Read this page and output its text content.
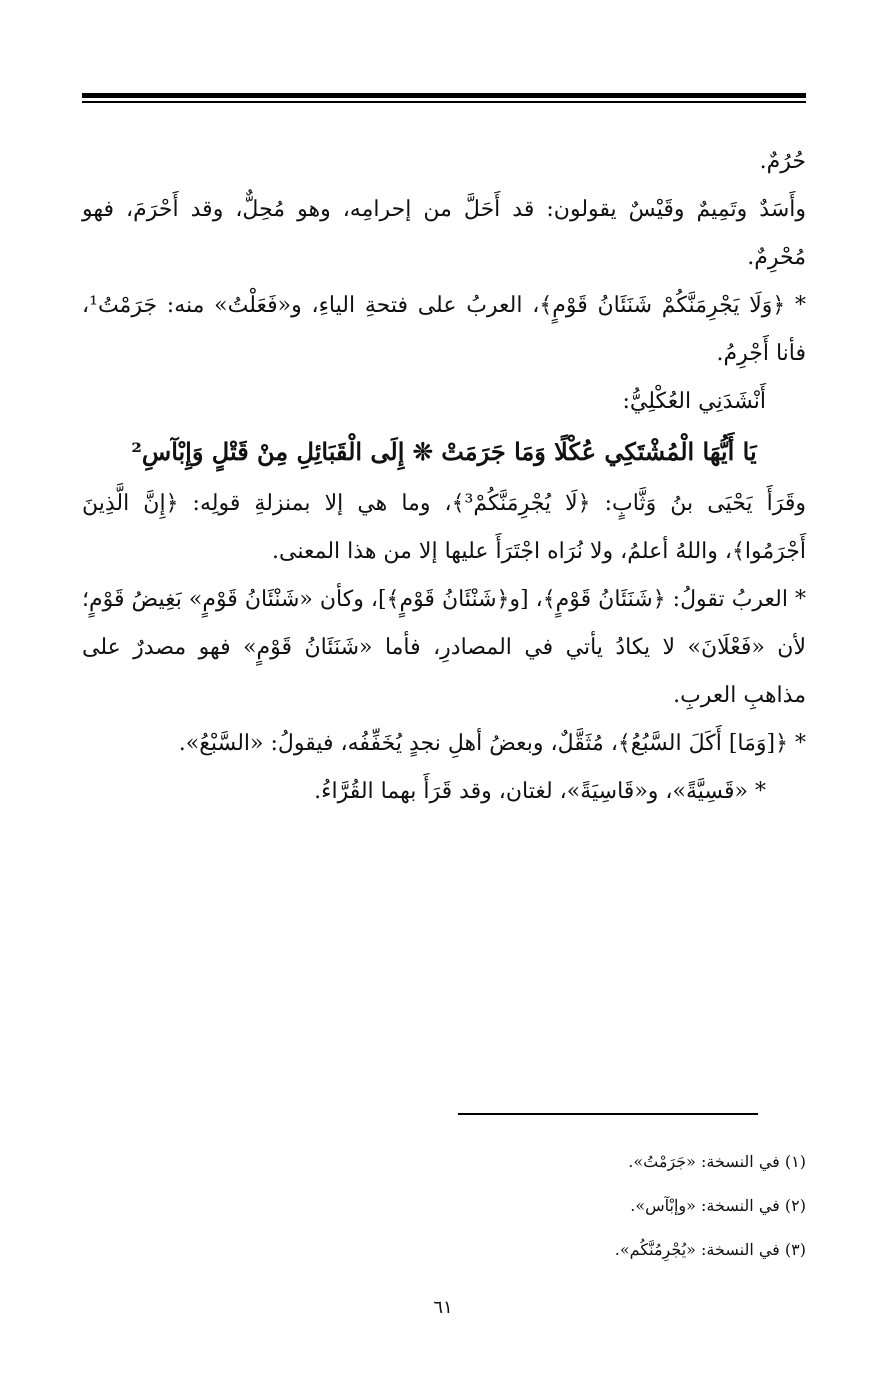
حُرُمٌ.

وأَسَدٌ وتَمِيمٌ وقَيْسٌ يقولون: قد أَحَلَّ من إحرامِه، وهو مُحِلٌّ، وقد أَحْرَمَ، فهو مُحْرِمٌ.

* ﴿وَلَا يَجْرِمَنَّكُمْ شَنَئَانُ قَوْمٍ﴾، العربُ على فتحةِ الياءِ، و«فَعَلْتُ» منه: جَرَمْتُ¹، فأنا أَجْرِمُ.

أَنْشَدَنِي العُكْلِيُّ:

يَا أَيُّهَا الْمُشْتَكِي عُكْلًا وَمَا جَرَمَتْ ❊ إِلَى الْقَبَائِلِ مِنْ قَتْلٍ وَإِبْآسِ²

وقَرَأَ يَحْيَى بنُ وَثَّابٍ: ﴿لَا يُجْرِمَنَّكُمْ³﴾، وما هي إلا بمنزلةِ قولِه: ﴿إِنَّ الَّذِينَ أَجْرَمُوا﴾، واللهُ أعلمُ، ولا نُرَاه اجْتَرَأَ عليها إلا من هذا المعنى.

* العربُ تقولُ: ﴿شَنَئَانُ قَوْمٍ﴾، [و﴿شَنْئَانُ قَوْمٍ﴾]، وكأن «شَنْئَانُ قَوْمٍ» بَغِيضُ قَوْمٍ؛ لأن «فَعْلَانَ» لا يكادُ يأتي في المصادرِ، فأما «شَنَئَانُ قَوْمٍ» فهو مصدرٌ على مذاهبِ العربِ.

* ﴿[وَمَا] أَكَلَ السَّبُعُ﴾، مُثَقَّلٌ، وبعضُ أهلِ نجدٍ يُخَفِّفُه، فيقولُ: «السَّبْعُ».

* «قَسِيَّةً»، و«قَاسِيَةً»، لغتان، وقد قَرَأَ بهما القُرَّاءُ.

(١) في النسخة: «جَرَمْتُ».

(٢) في النسخة: «وإبْآس».

(٣) في النسخة: «يُجْرِمُنَّكُم».

٦١
